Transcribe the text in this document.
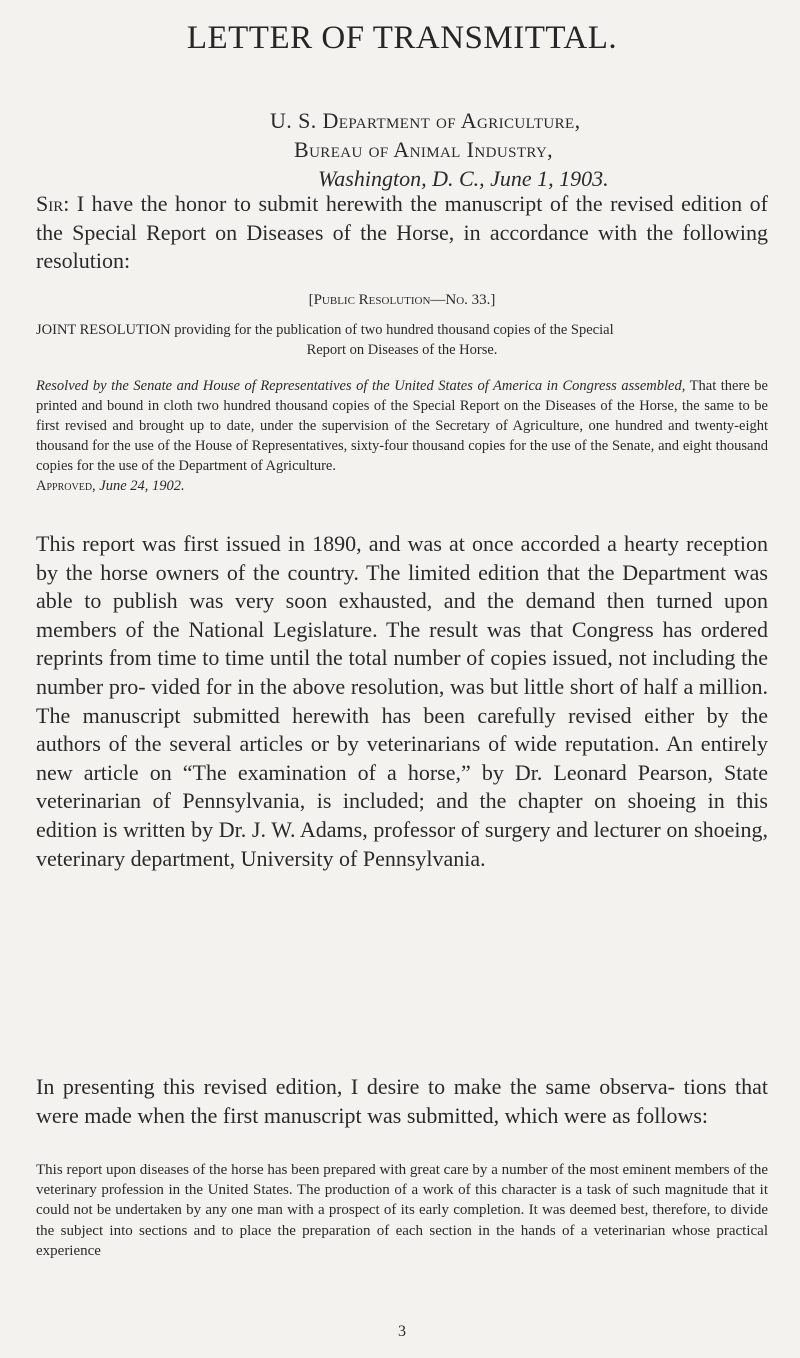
LETTER OF TRANSMITTAL.
U. S. Department of Agriculture,
Bureau of Animal Industry,
Washington, D. C., June 1, 1903.

Sir: I have the honor to submit herewith the manuscript of the revised edition of the Special Report on Diseases of the Horse, in accordance with the following resolution:

[Public Resolution—No. 33.]

JOINT RESOLUTION providing for the publication of two hundred thousand copies of the Special
Report on Diseases of the Horse.

Resolved by the Senate and House of Representatives of the United States of America in Congress assembled, That there be printed and bound in cloth two hundred thousand copies of the Special Report on the Diseases of the Horse, the same to be first revised and brought up to date, under the supervision of the Secretary of Agriculture, one hundred and twenty-eight thousand for the use of the House of Representatives, sixty-four thousand copies for the use of the Senate, and eight thousand copies for the use of the Department of Agriculture.
Approved, June 24, 1902.

This report was first issued in 1890, and was at once accorded a hearty reception by the horse owners of the country. The limited edition that the Department was able to publish was very soon exhausted, and the demand then turned upon members of the National Legislature. The result was that Congress has ordered reprints from time to time until the total number of copies issued, not including the number pro- vided for in the above resolution, was but little short of half a million. The manuscript submitted herewith has been carefully revised either by the authors of the several articles or by veterinarians of wide reputation. An entirely new article on “The examination of a horse,” by Dr. Leonard Pearson, State veterinarian of Pennsylvania, is included; and the chapter on shoeing in this edition is written by Dr. J. W. Adams, professor of surgery and lecturer on shoeing, veterinary department, University of Pennsylvania.

In presenting this revised edition, I desire to make the same observa- tions that were made when the first manuscript was submitted, which were as follows:

This report upon diseases of the horse has been prepared with great care by a number of the most eminent members of the veterinary profession in the United States. The production of a work of this character is a task of such magnitude that it could not be undertaken by any one man with a prospect of its early completion. It was deemed best, therefore, to divide the subject into sections and to place the preparation of each section in the hands of a veterinarian whose practical experience

3
